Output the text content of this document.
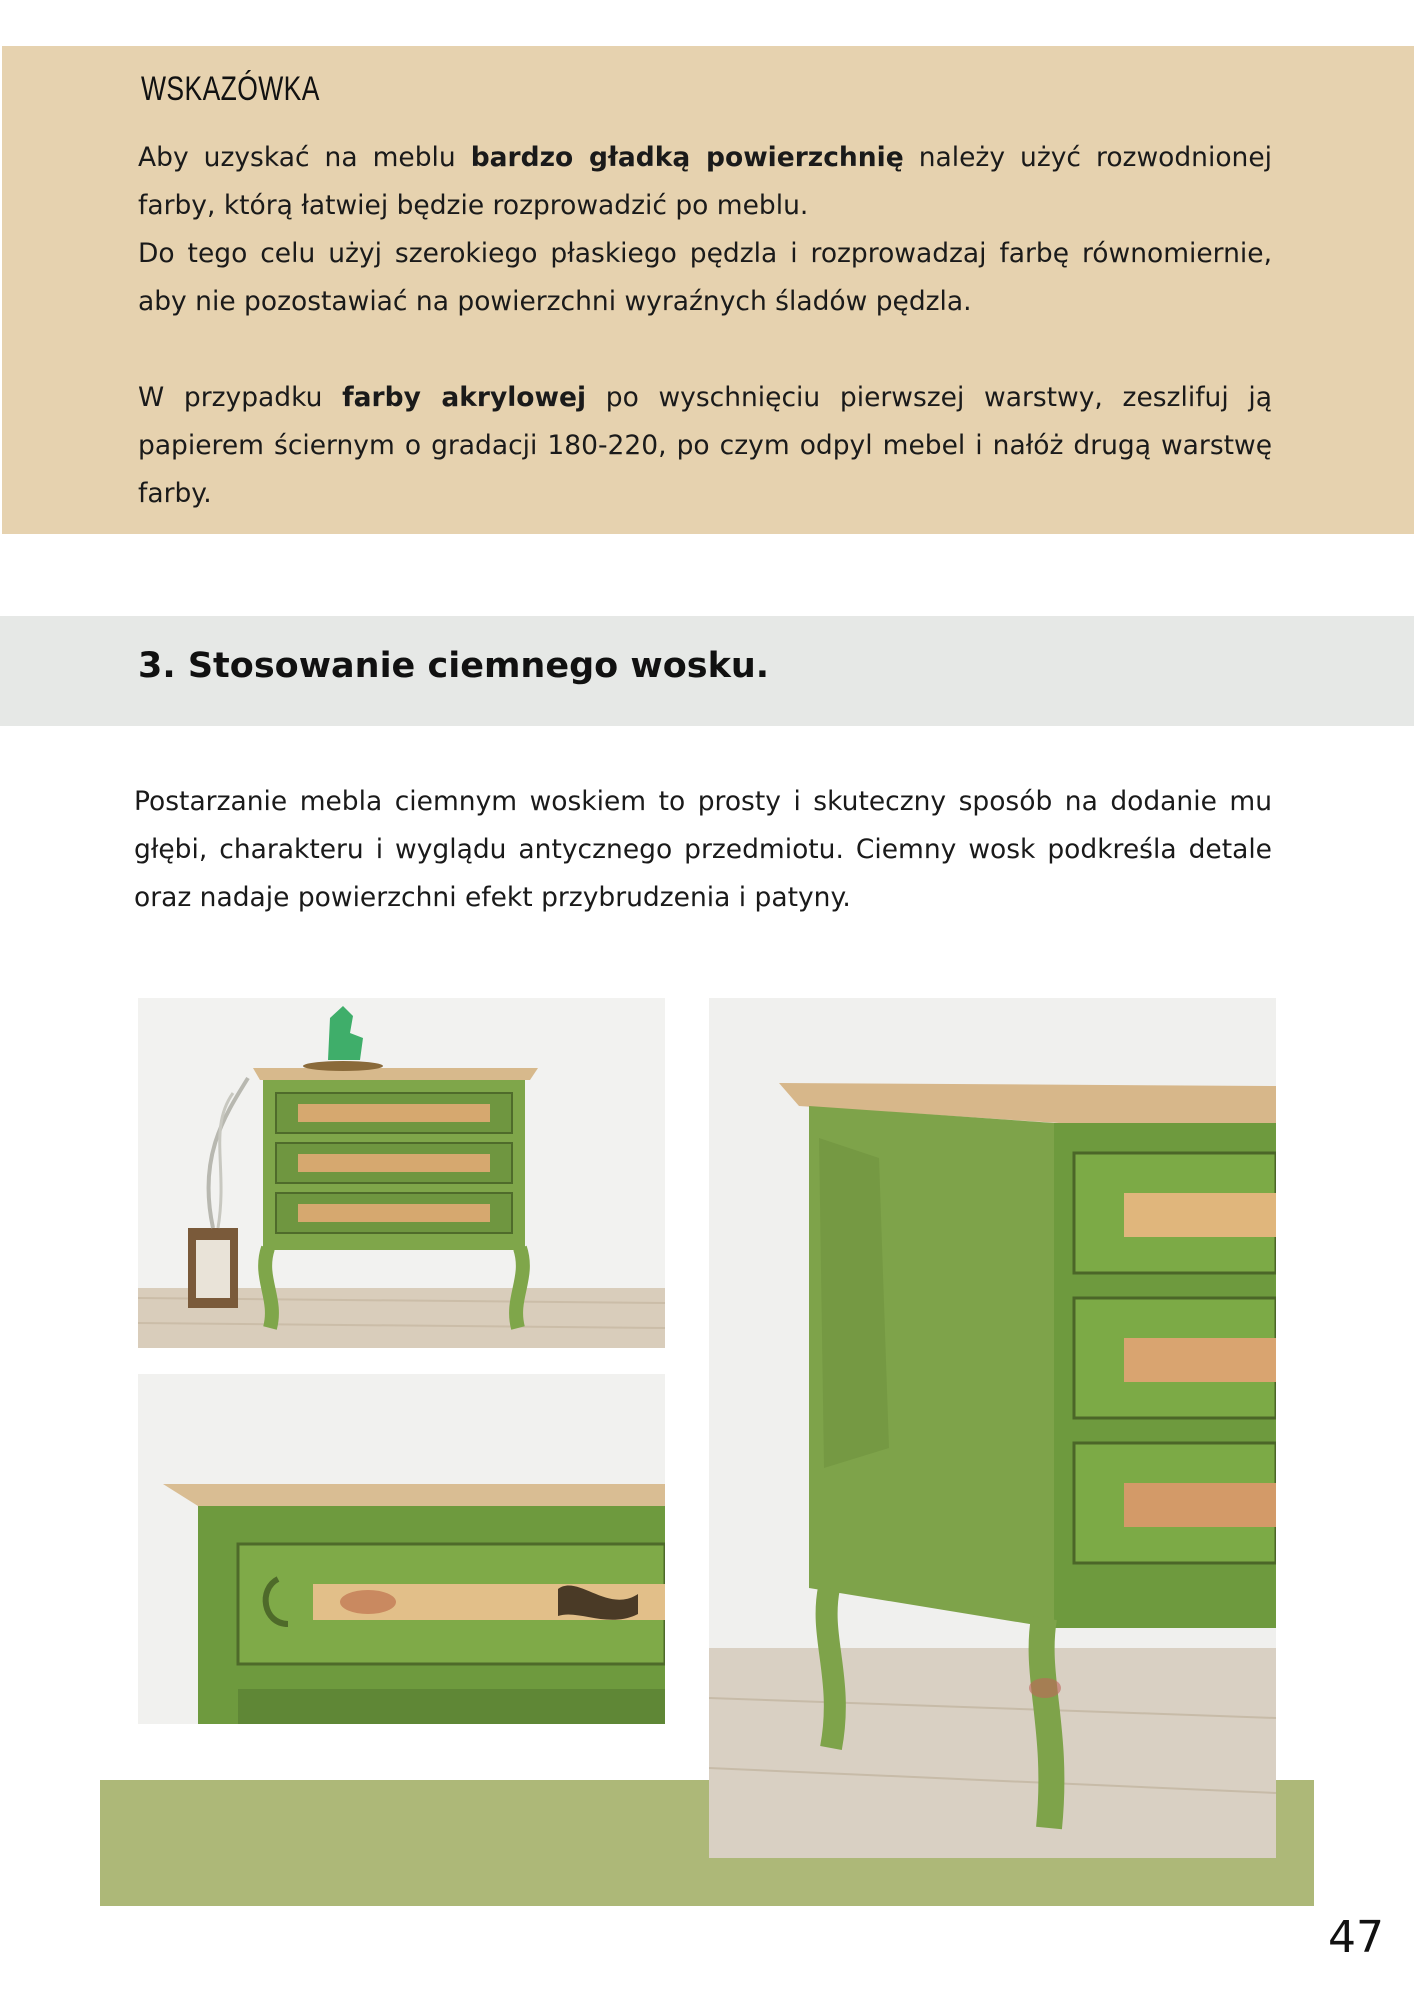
WSKAZÓWKA

Aby uzyskać na meblu bardzo gładką powierzchnię należy użyć rozwodnionej farby, którą łatwiej będzie rozprowadzić po meblu.

Do tego celu użyj szerokiego płaskiego pędzla i rozprowadzaj farbę równomiernie, aby nie pozostawiać na powierzchni wyraźnych śladów pędzla.

W przypadku farby akrylowej po wyschnięciu pierwszej warstwy, zeszlifuj ją papierem ściernym o gradacji 180-220, po czym odpyl mebel i nałóż drugą warstwę farby.

3. Stosowanie ciemnego wosku.

Postarzanie mebla ciemnym woskiem to prosty i skuteczny sposób na dodanie mu głębi, charakteru i wyglądu antycznego przedmiotu. Ciemny wosk podkreśla detale oraz nadaje powierzchni efekt przybrudzenia i patyny.

47
